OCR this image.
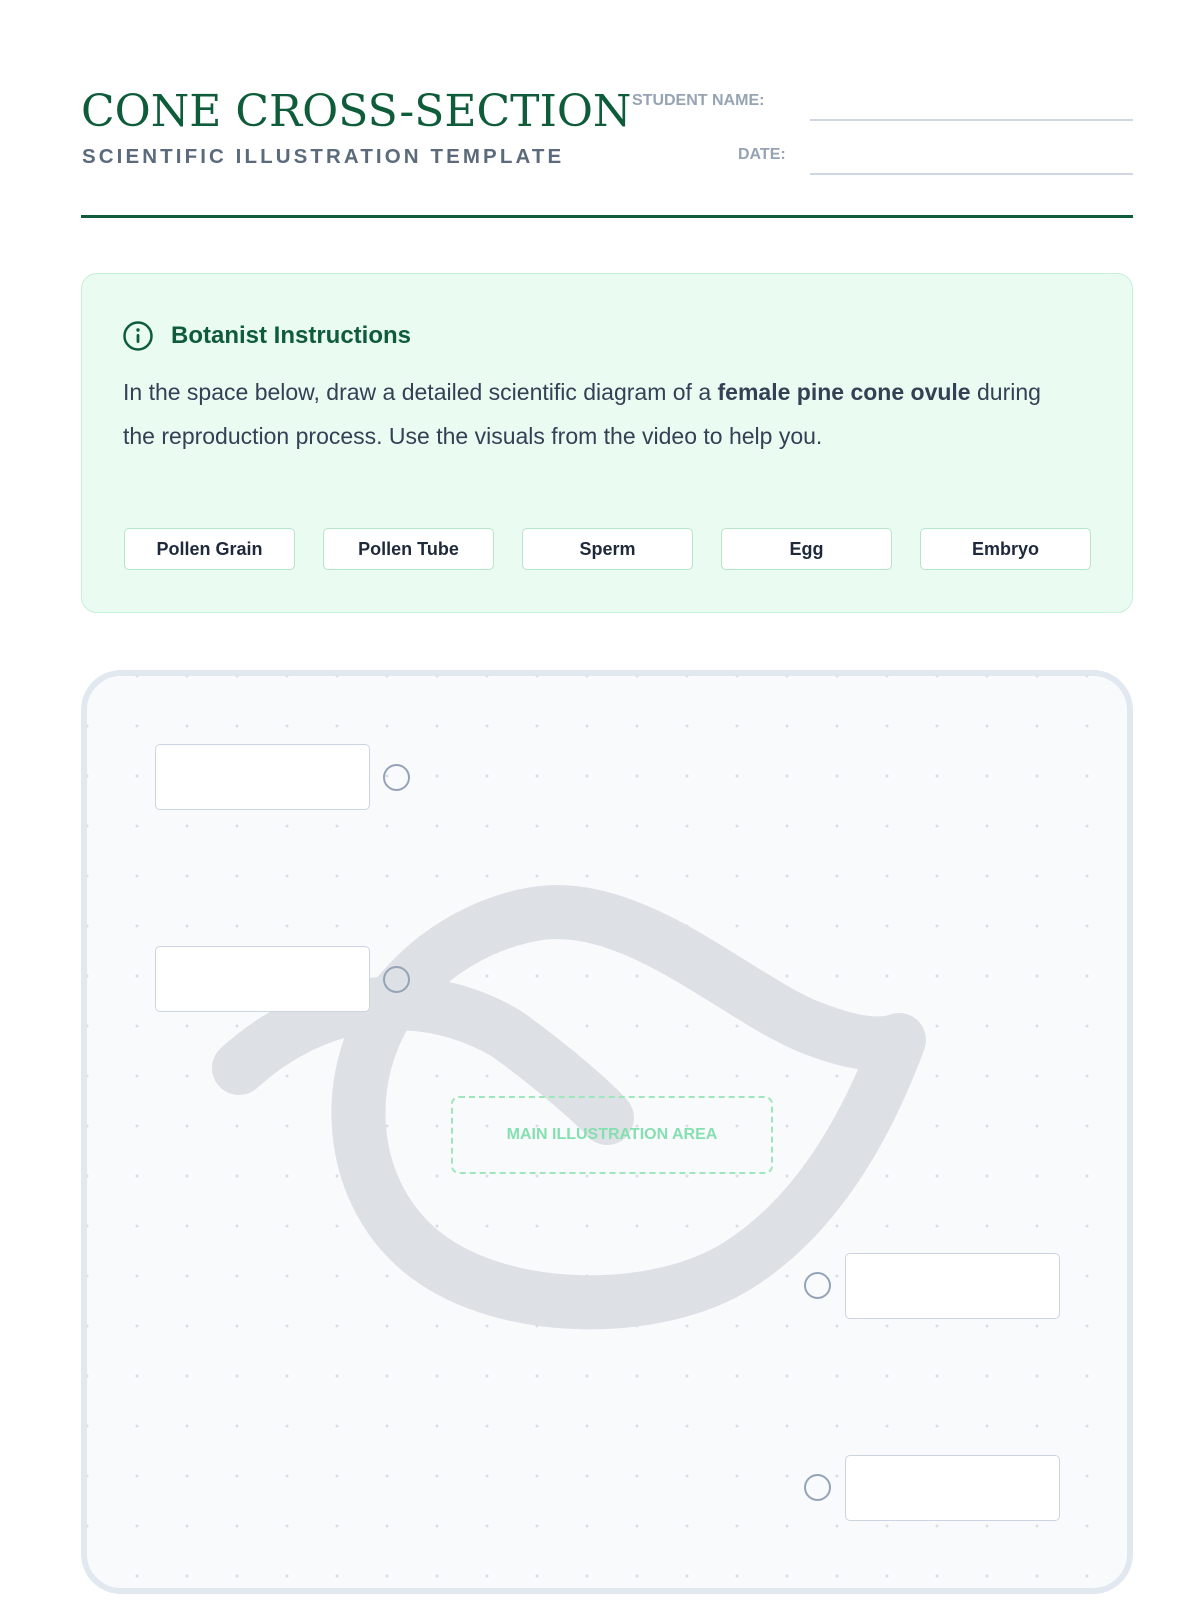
CONE CROSS-SECTION
SCIENTIFIC ILLUSTRATION TEMPLATE
STUDENT NAME:
DATE:
Botanist Instructions

In the space below, draw a detailed scientific diagram of a female pine cone ovule during the reproduction process. Use the visuals from the video to help you.

Pollen Grain	Pollen Tube	Sperm	Egg	Embryo
MAIN ILLUSTRATION AREA
